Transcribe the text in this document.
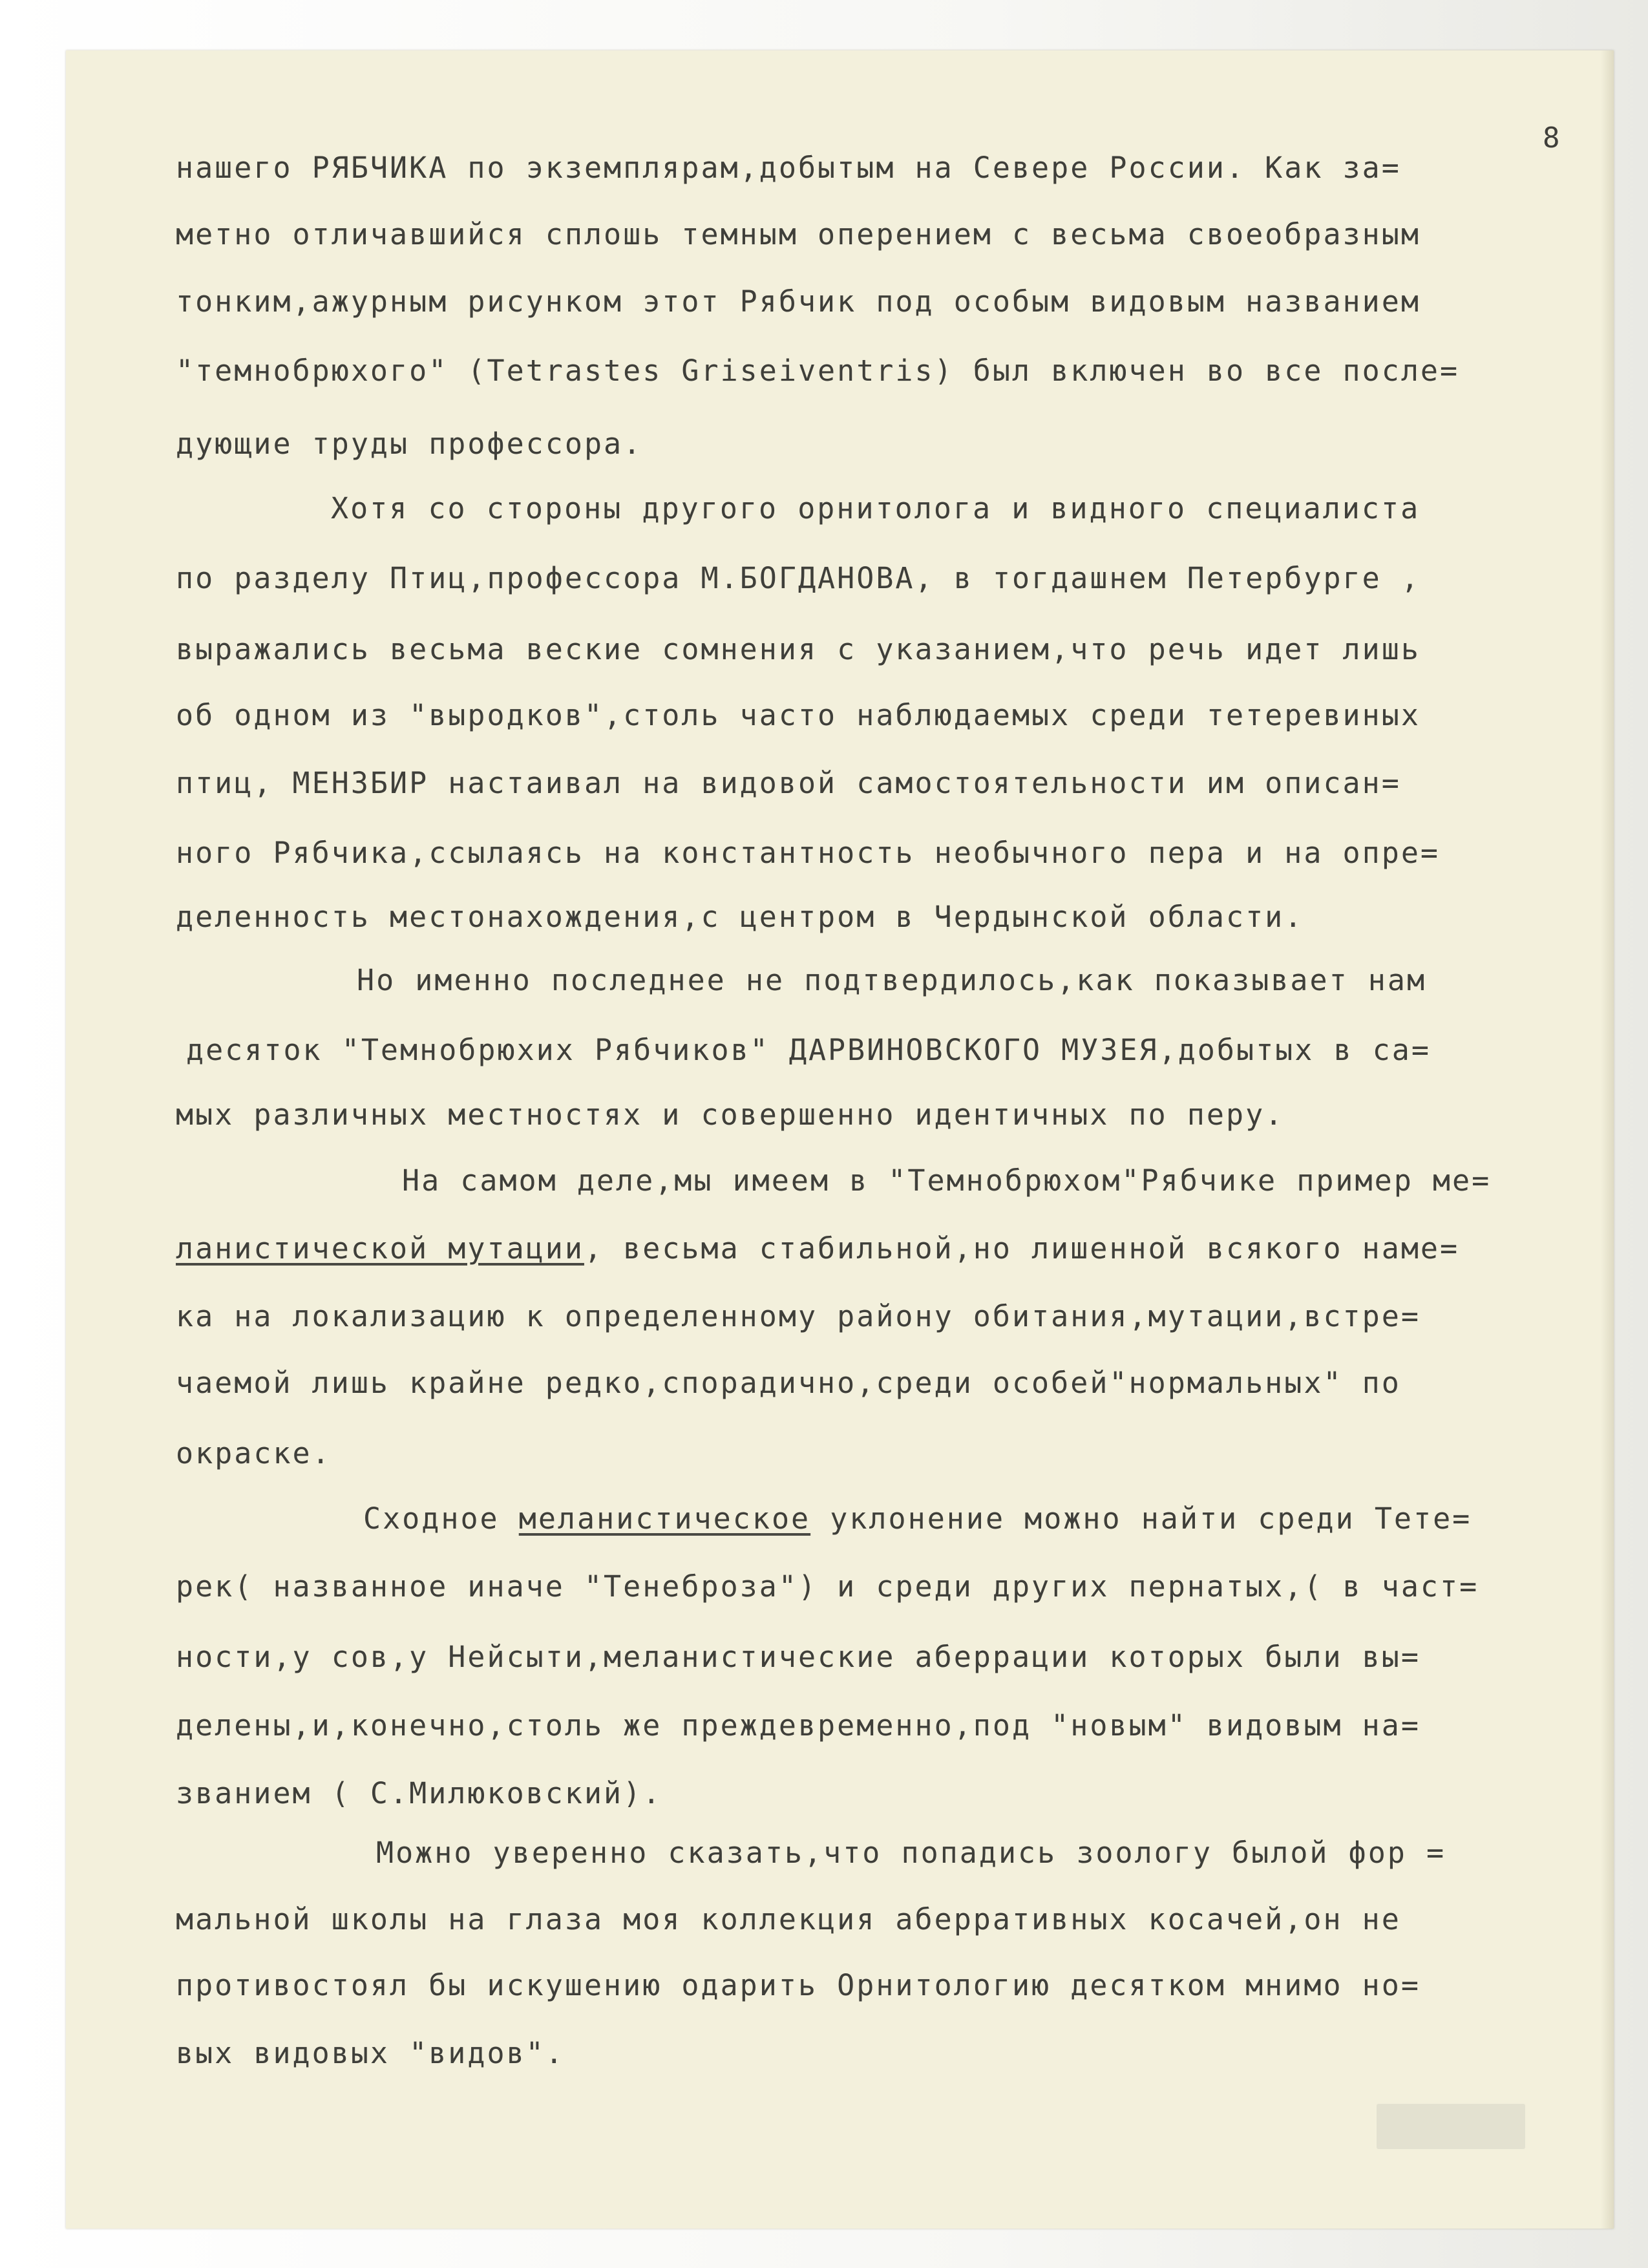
8
нашего РЯБЧИКА по экземплярам,добытым на Севере России. Как за=
метно отличавшийся сплошь темным оперением с весьма своеобразным
тонким,ажурным рисунком этот Рябчик под особым видовым названием
"темнобрюхого" (Tetrastes Griseiventris) был включен во все после=
дующие труды профессора.
Хотя со стороны другого орнитолога и видного специалиста
по разделу Птиц,профессора М.БОГДАНОВА, в тогдашнем Петербурге ,
выражались весьма веские сомнения с указанием,что речь идет лишь
об одном из "выродков",столь часто наблюдаемых среди тетеревиных
птиц, МЕНЗБИР настаивал на видовой самостоятельности им описан=
ного Рябчика,ссылаясь на константность необычного пера и на опре=
деленность местонахождения,с центром в Чердынской области.
Но именно последнее не подтвердилось,как показывает нам
десяток "Темнобрюхих Рябчиков" ДАРВИНОВСКОГО МУЗЕЯ,добытых в са=
мых различных местностях и совершенно идентичных по перу.
На самом деле,мы имеем в "Темнобрюхом"Рябчике пример ме=
ланистической мутации, весьма стабильной,но лишенной всякого наме=
ка на локализацию к определенному району обитания,мутации,встре=
чаемой лишь крайне редко,спорадично,среди особей"нормальных" по
окраске.
Сходное меланистическое уклонение можно найти среди Тете=
рек( названное иначе "Тенеброза") и среди других пернатых,( в част=
ности,у сов,у Нейсыти,меланистические аберрации которых были вы=
делены,и,конечно,столь же преждевременно,под "новым" видовым на=
званием ( С.Милюковский).
Можно уверенно сказать,что попадись зоологу былой фор =
мальной школы на глаза моя коллекция аберративных косачей,он не
противостоял бы искушению одарить Орнитологию десятком мнимо но=
вых видовых "видов".
